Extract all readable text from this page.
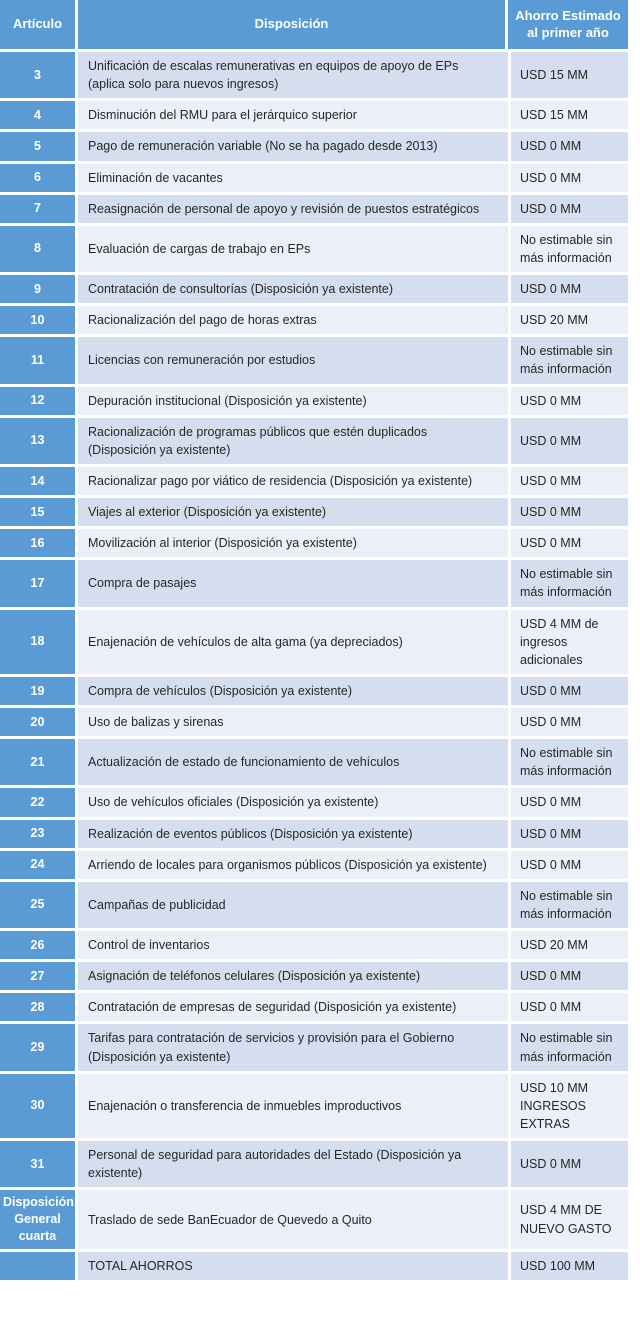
Artículo	Disposición	Ahorro Estimado al primer año
3	Unificación de escalas remunerativas en equipos de apoyo de EPs (aplica solo para nuevos ingresos)	USD 15 MM
4	Disminución del RMU para el jerárquico superior	USD 15 MM
5	Pago de remuneración variable (No se ha pagado desde 2013)	USD 0 MM
6	Eliminación de vacantes	USD 0 MM
7	Reasignación de personal de apoyo y revisión de puestos estratégicos	USD 0 MM
8	Evaluación de cargas de trabajo en EPs	No estimable sin más información
9	Contratación de consultorías (Disposición ya existente)	USD 0 MM
10	Racionalización del pago de horas extras	USD 20 MM
11	Licencias con remuneración por estudios	No estimable sin más información
12	Depuración institucional (Disposición ya existente)	USD 0 MM
13	Racionalización de programas públicos que estén duplicados (Disposición ya existente)	USD 0 MM
14	Racionalizar pago por viático de residencia (Disposición ya existente)	USD 0 MM
15	Viajes al exterior (Disposición ya existente)	USD 0 MM
16	Movilización al interior (Disposición ya existente)	USD 0 MM
17	Compra de pasajes	No estimable sin más información
18	Enajenación de vehículos de alta gama (ya depreciados)	USD 4 MM de ingresos adicionales
19	Compra de vehículos (Disposición ya existente)	USD 0 MM
20	Uso de balizas y sirenas	USD 0 MM
21	Actualización de estado de funcionamiento de vehículos	No estimable sin más información
22	Uso de vehículos oficiales (Disposición ya existente)	USD 0 MM
23	Realización de eventos públicos (Disposición ya existente)	USD 0 MM
24	Arriendo de locales para organismos públicos (Disposición ya existente)	USD 0 MM
25	Campañas de publicidad	No estimable sin más información
26	Control de inventarios	USD 20 MM
27	Asignación de teléfonos celulares (Disposición ya existente)	USD 0 MM
28	Contratación de empresas de seguridad (Disposición ya existente)	USD 0 MM
29	Tarifas para contratación de servicios y provisión para el Gobierno (Disposición ya existente)	No estimable sin más información
30	Enajenación o transferencia de inmuebles improductivos	USD 10 MM INGRESOS EXTRAS
31	Personal de seguridad para autoridades del Estado (Disposición ya existente)	USD 0 MM
Disposición General cuarta	Traslado de sede BanEcuador de Quevedo a Quito	USD 4 MM DE NUEVO GASTO
	TOTAL AHORROS	USD 100 MM
